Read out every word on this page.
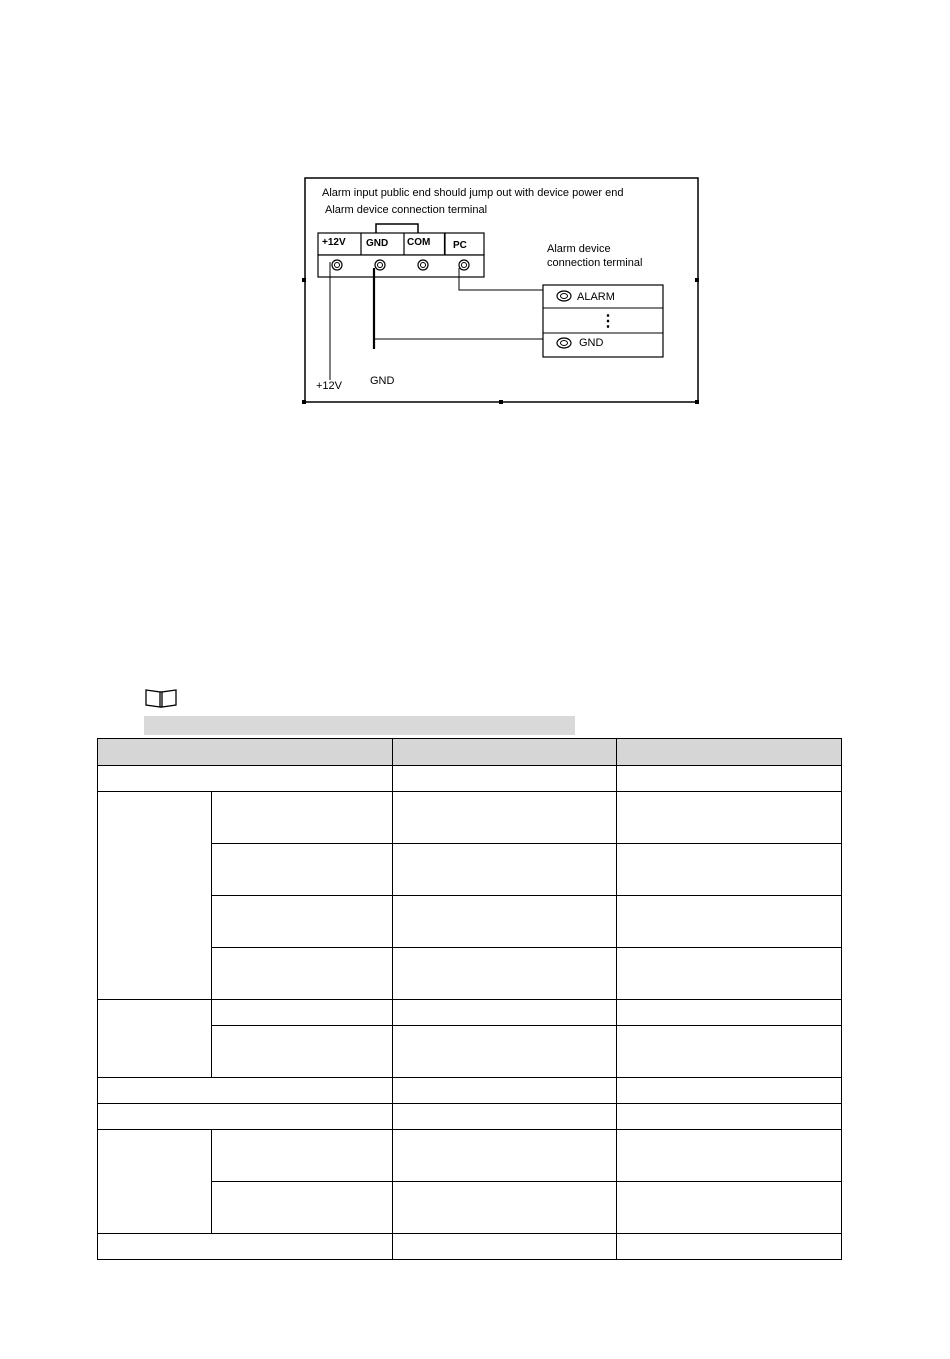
Alarm input public end should jump out with device power end
Alarm device connection terminal
+12V GND COM PC	Alarm device
connection terminal
ALARM
⋮
GND
+12V	GND
